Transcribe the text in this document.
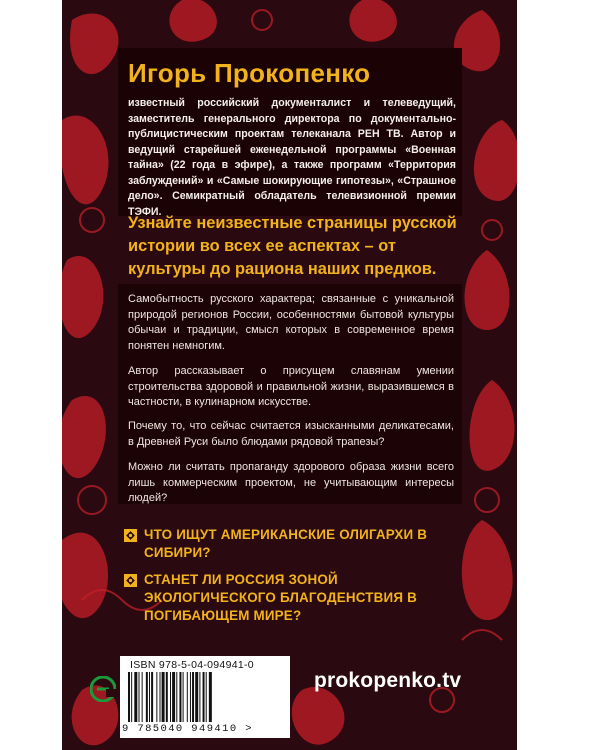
Игорь Прокопенко
известный российский документалист и телеведущий, заместитель генерального директора по документально-публицистическим проектам телеканала РЕН ТВ. Автор и ведущий старейшей еженедельной программы «Военная тайна» (22 года в эфире), а также программ «Территория заблуждений» и «Самые шокирующие гипотезы», «Страшное дело». Семикратный обладатель телевизионной премии ТЭФИ.
Узнайте неизвестные страницы русской истории во всех ее аспектах – от культуры до рациона наших предков.
Самобытность русского характера; связанные с уникальной природой регионов России, особенностями бытовой культуры обычаи и традиции, смысл которых в современное время понятен немногим.
Автор рассказывает о присущем славянам умении строительства здоровой и правильной жизни, выразившемся в частности, в кулинарном искусстве.
Почему то, что сейчас считается изысканными деликатесами, в Древней Руси было блюдами рядовой трапезы?
Можно ли считать пропаганду здорового образа жизни всего лишь коммерческим проектом, не учитывающим интересы людей?
ЧТО ИЩУТ АМЕРИКАНСКИЕ ОЛИГАРХИ В СИБИРИ?
СТАНЕТ ЛИ РОССИЯ ЗОНОЙ ЭКОЛОГИЧЕСКОГО БЛАГОДЕНСТВИЯ В ПОГИБАЮЩЕМ МИРЕ?
ISBN 978-5-04-094941-0
9 785040 949410 >
prokopenko.tv
